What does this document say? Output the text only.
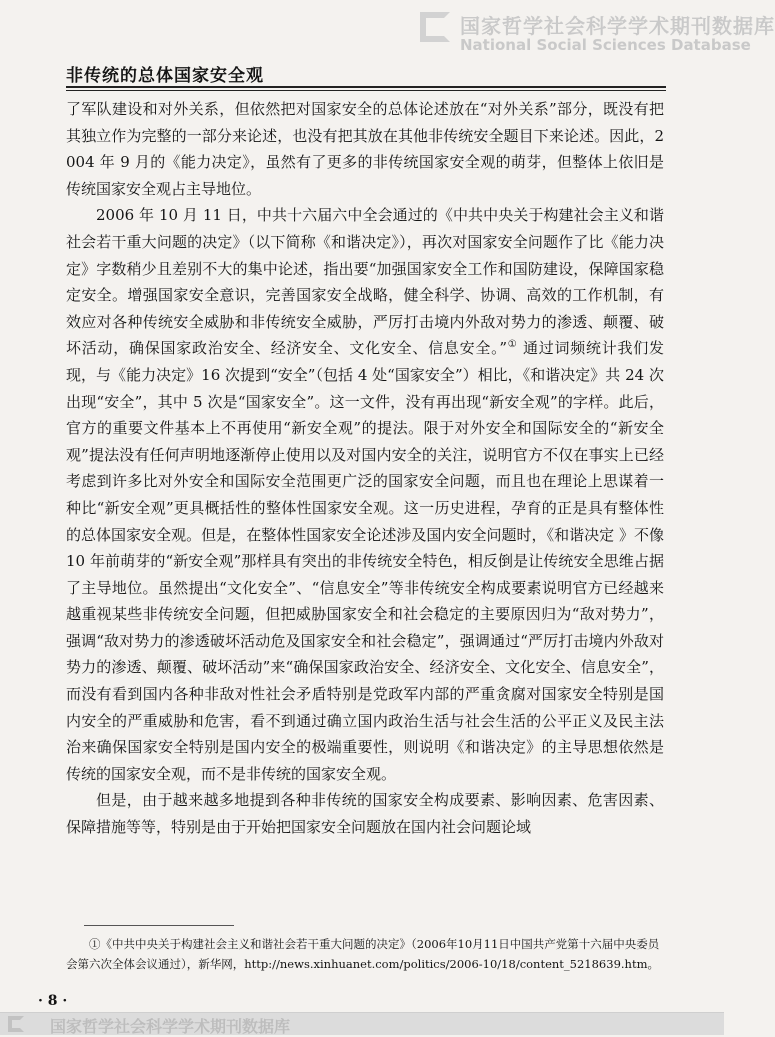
国家哲学社会科学学术期刊数据库
National Social Sciences Database
非传统的总体国家安全观

了军队建设和对外关系，但依然把对国家安全的总体论述放在“对外关系”部分，既没有把其独立作为完整的一部分来论述，也没有把其放在其他非传统安全题目下来论述。因此，2004 年 9 月的《能力决定》，虽然有了更多的非传统国家安全观的萌芽，但整体上依旧是传统国家安全观占主导地位。

2006 年 10 月 11 日，中共十六届六中全会通过的《中共中央关于构建社会主义和谐社会若干重大问题的决定》（以下简称《和谐决定》），再次对国家安全问题作了比《能力决定》字数稍少且差别不大的集中论述，指出要“加强国家安全工作和国防建设，保障国家稳定安全。增强国家安全意识，完善国家安全战略，健全科学、协调、高效的工作机制，有效应对各种传统安全威胁和非传统安全威胁，严厉打击境内外敌对势力的渗透、颠覆、破坏活动，确保国家政治安全、经济安全、文化安全、信息安全。”① 通过词频统计我们发现，与《能力决定》16 次提到“安全”（包括 4 处“国家安全”）相比，《和谐决定》共 24 次出现“安全”，其中 5 次是“国家安全”。这一文件，没有再出现“新安全观”的字样。此后，官方的重要文件基本上不再使用“新安全观”的提法。限于对外安全和国际安全的“新安全观”提法没有任何声明地逐渐停止使用以及对国内安全的关注，说明官方不仅在事实上已经考虑到许多比对外安全和国际安全范围更广泛的国家安全问题，而且也在理论上思谋着一种比“新安全观”更具概括性的整体性国家安全观。这一历史进程，孕育的正是具有整体性的总体国家安全观。但是，在整体性国家安全论述涉及国内安全问题时，《和谐决定 》不像 10 年前萌芽的“新安全观”那样具有突出的非传统安全特色，相反倒是让传统安全思维占据了主导地位。虽然提出“文化安全”、“信息安全”等非传统安全构成要素说明官方已经越来越重视某些非传统安全问题，但把威胁国家安全和社会稳定的主要原因归为“敌对势力”，强调“敌对势力的渗透破坏活动危及国家安全和社会稳定”，强调通过“严厉打击境内外敌对势力的渗透、颠覆、破坏活动”来“确保国家政治安全、经济安全、文化安全、信息安全”，而没有看到国内各种非敌对性社会矛盾特别是党政军内部的严重贪腐对国家安全特别是国内安全的严重威胁和危害，看不到通过确立国内政治生活与社会生活的公平正义及民主法治来确保国家安全特别是国内安全的极端重要性，则说明《和谐决定》的主导思想依然是传统的国家安全观，而不是非传统的国家安全观。

但是，由于越来越多地提到各种非传统的国家安全构成要素、影响因素、危害因素、保障措施等等，特别是由于开始把国家安全问题放在国内社会问题论域

①《中共中央关于构建社会主义和谐社会若干重大问题的决定》（2006年10月11日中国共产党第十六届中央委员会第六次全体会议通过），新华网，http://news.xinhuanet.com/politics/2006-10/18/content_5218639.htm。

· 8 ·
国家哲学社会科学学术期刊数据库
